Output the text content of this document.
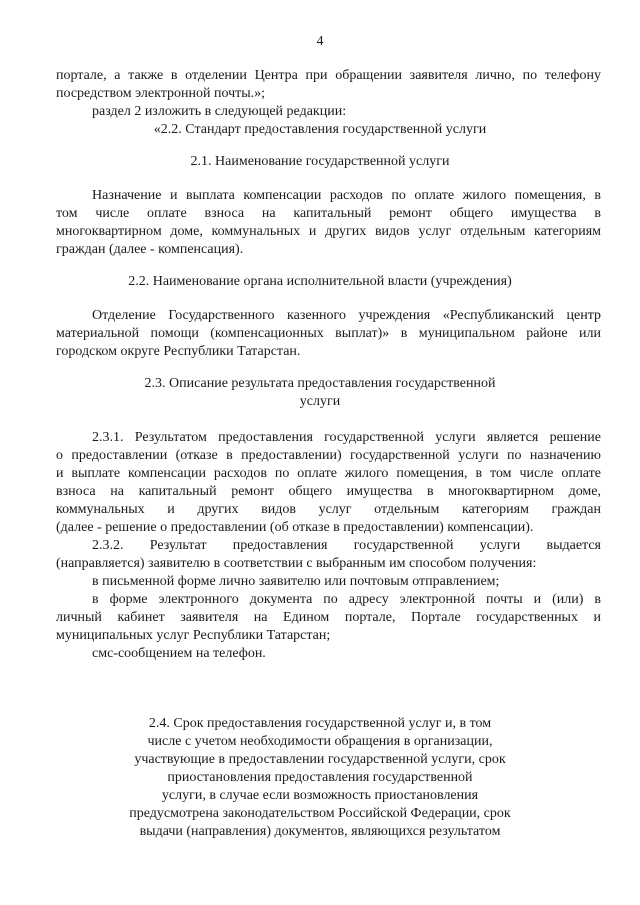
4
порталe, а также в отделении Центра при обращении заявителя лично, по телефону
посредством электронной почты.»;
раздел 2 изложить в следующей редакции:
«2.2. Стандарт предоставления государственной услуги
2.1. Наименование государственной услуги
Назначение и выплата компенсации расходов по оплате жилого помещения, в
том числе оплате взноса на капитальный ремонт общего имущества в
многоквартирном доме, коммунальных и других видов услуг отдельным категориям
граждан (далее - компенсация).
2.2. Наименование органа исполнительной власти (учреждения)
Отделение Государственного казенного учреждения «Республиканский центр
материальной помощи (компенсационных выплат)» в муниципальном районе или
городском округе Республики Татарстан.
2.3. Описание результата предоставления государственной
услуги
2.3.1. Результатом предоставления государственной услуги является решение
о предоставлении (отказе в предоставлении) государственной услуги по назначению
и выплате компенсации расходов по оплате жилого помещения, в том числе оплате
взноса на капитальный ремонт общего имущества в многоквартирном доме,
коммунальных и других видов услуг отдельным категориям граждан
(далее - решение о предоставлении (об отказе в предоставлении) компенсации).
2.3.2. Результат предоставления государственной услуги выдается
(направляется) заявителю в соответствии с выбранным им способом получения:
в письменной форме лично заявителю или почтовым отправлением;
в форме электронного документа по адресу электронной почты и (или) в
личный кабинет заявителя на Едином портале, Портале государственных и
муниципальных услуг Республики Татарстан;
смс-сообщением на телефон.
2.4. Срок предоставления государственной услуг и, в том
числе с учетом необходимости обращения в организации,
участвующие в предоставлении государственной услуги, срок
приостановления предоставления государственной
услуги, в случае если возможность приостановления
предусмотрена законодательством Российской Федерации, срок
выдачи (направления) документов, являющихся результатом
